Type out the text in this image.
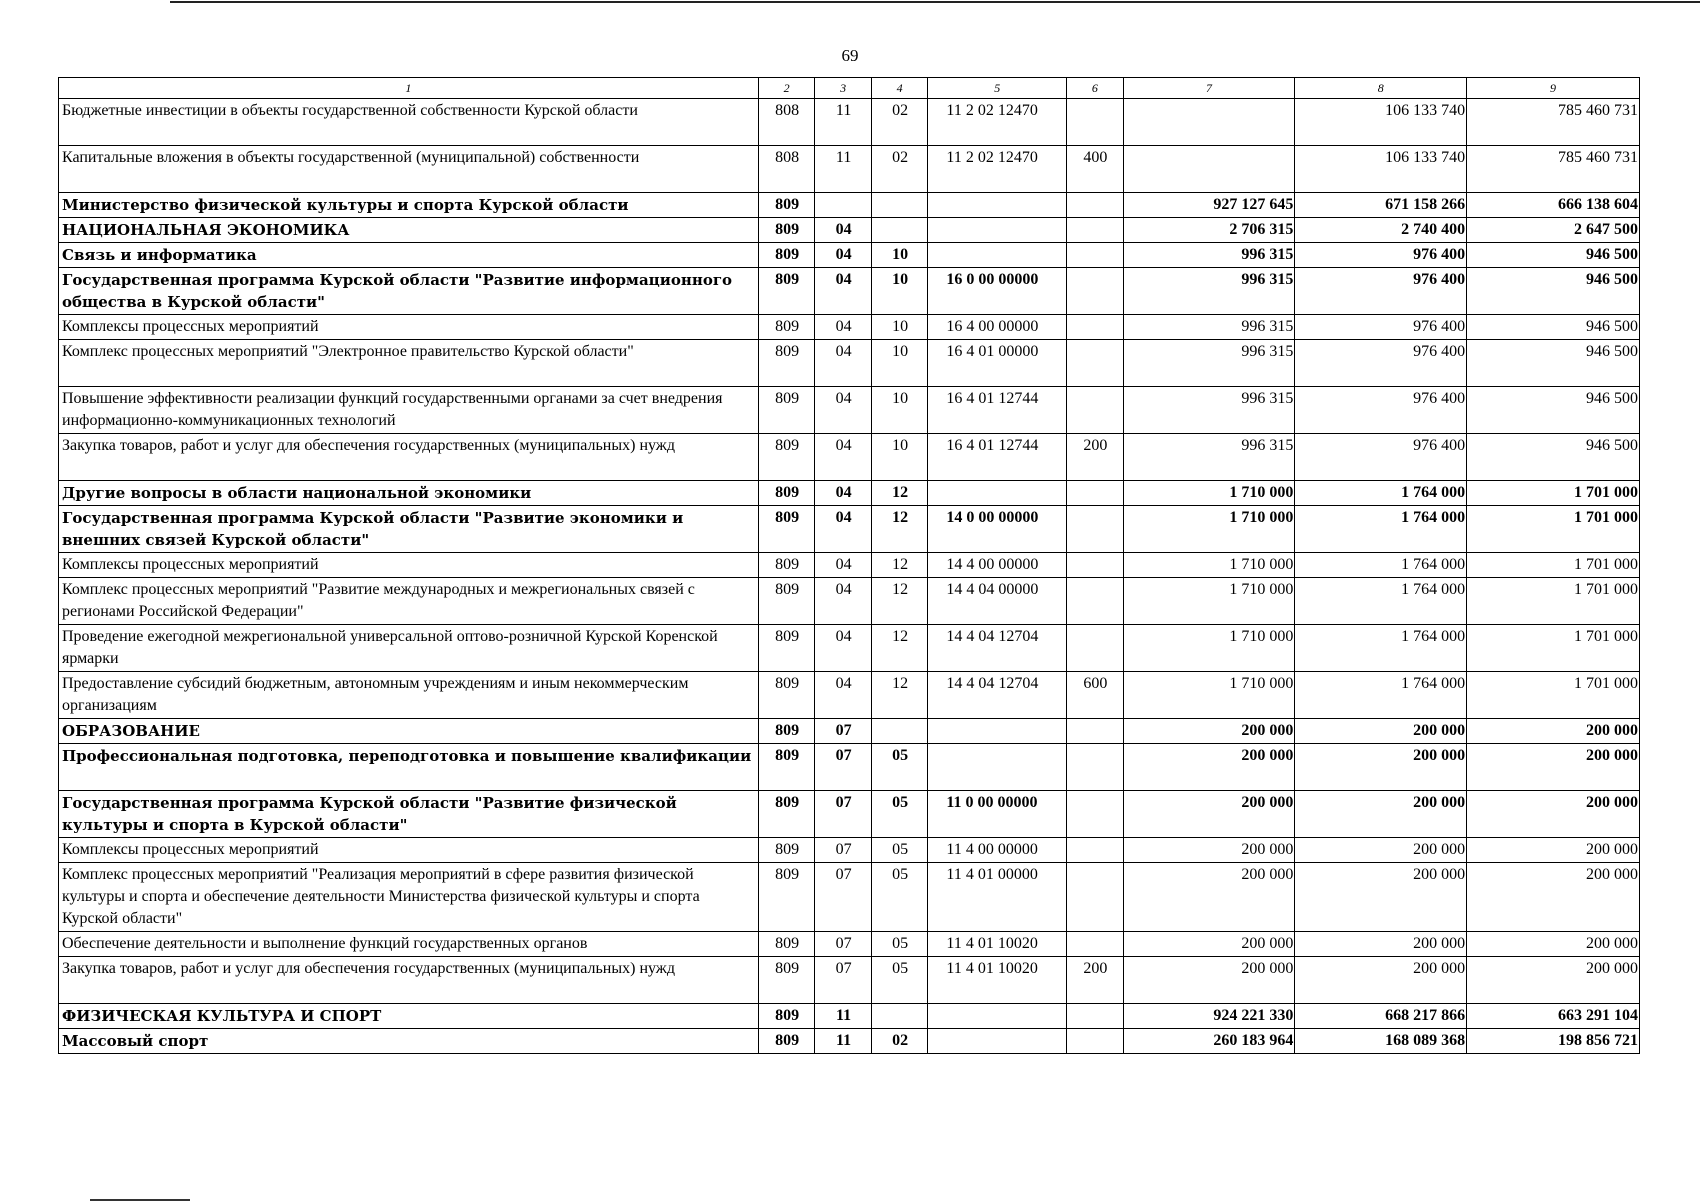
69
1	2	3	4	5	6	7	8	9
Бюджетные инвестиции в объекты государственной собственности Курской области	808	11	02	11 2 02 12470			106 133 740	785 460 731
Капитальные вложения в объекты государственной (муниципальной) собственности	808	11	02	11 2 02 12470	400		106 133 740	785 460 731
Министерство физической культуры и спорта Курской области	809					927 127 645	671 158 266	666 138 604
НАЦИОНАЛЬНАЯ ЭКОНОМИКА	809	04				2 706 315	2 740 400	2 647 500
Связь и информатика	809	04	10			996 315	976 400	946 500
Государственная программа Курской области "Развитие информационного общества в Курской области"	809	04	10	16 0 00 00000		996 315	976 400	946 500
Комплексы процессных мероприятий	809	04	10	16 4 00 00000		996 315	976 400	946 500
Комплекс процессных мероприятий "Электронное правительство Курской области"	809	04	10	16 4 01 00000		996 315	976 400	946 500
Повышение эффективности реализации функций государственными органами за счет внедрения информационно-коммуникационных технологий	809	04	10	16 4 01 12744		996 315	976 400	946 500
Закупка товаров, работ и услуг для обеспечения государственных (муниципальных) нужд	809	04	10	16 4 01 12744	200	996 315	976 400	946 500
Другие вопросы в области национальной экономики	809	04	12			1 710 000	1 764 000	1 701 000
Государственная программа Курской области "Развитие экономики и внешних связей Курской области"	809	04	12	14 0 00 00000		1 710 000	1 764 000	1 701 000
Комплексы процессных мероприятий	809	04	12	14 4 00 00000		1 710 000	1 764 000	1 701 000
Комплекс процессных мероприятий "Развитие международных и межрегиональных связей с регионами Российской Федерации"	809	04	12	14 4 04 00000		1 710 000	1 764 000	1 701 000
Проведение ежегодной межрегиональной универсальной оптово-розничной Курской Коренской ярмарки	809	04	12	14 4 04 12704		1 710 000	1 764 000	1 701 000
Предоставление субсидий бюджетным, автономным учреждениям и иным некоммерческим организациям	809	04	12	14 4 04 12704	600	1 710 000	1 764 000	1 701 000
ОБРАЗОВАНИЕ	809	07				200 000	200 000	200 000
Профессиональная подготовка, переподготовка и повышение квалификации	809	07	05			200 000	200 000	200 000
Государственная программа Курской области "Развитие физической культуры и спорта в Курской области"	809	07	05	11 0 00 00000		200 000	200 000	200 000
Комплексы процессных мероприятий	809	07	05	11 4 00 00000		200 000	200 000	200 000
Комплекс процессных мероприятий "Реализация мероприятий в сфере развития физической культуры и спорта и обеспечение деятельности Министерства физической культуры и спорта Курской области"	809	07	05	11 4 01 00000		200 000	200 000	200 000
Обеспечение деятельности и выполнение функций государственных органов	809	07	05	11 4 01 10020		200 000	200 000	200 000
Закупка товаров, работ и услуг для обеспечения государственных (муниципальных) нужд	809	07	05	11 4 01 10020	200	200 000	200 000	200 000
ФИЗИЧЕСКАЯ КУЛЬТУРА И СПОРТ	809	11				924 221 330	668 217 866	663 291 104
Массовый спорт	809	11	02			260 183 964	168 089 368	198 856 721
